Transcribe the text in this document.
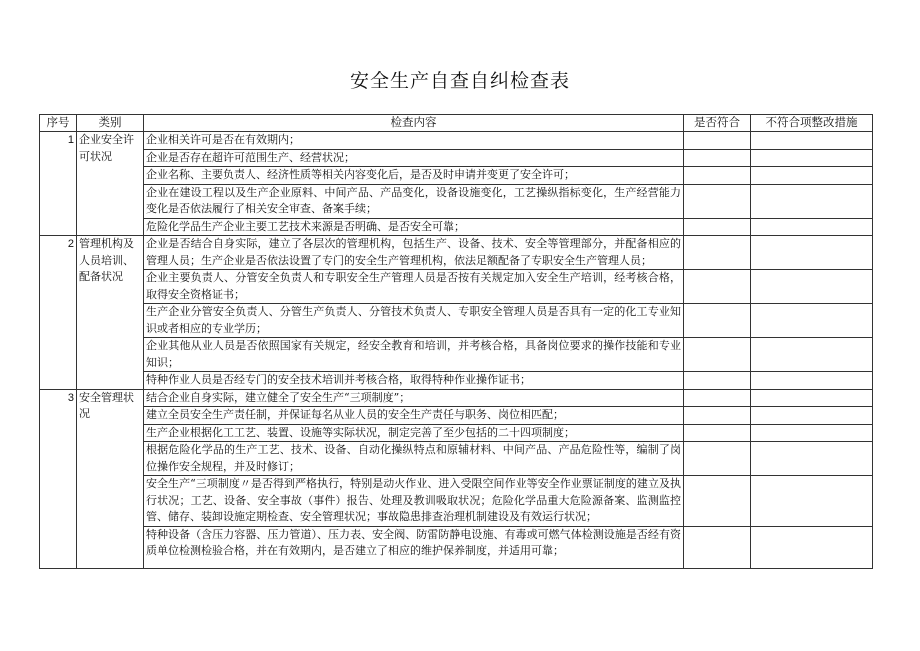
安全生产自查自纠检查表
序号	类别	检查内容	是否符合	不符合项整改措施
1	企业安全许可状况	企业相关许可是否在有效期内；		
		企业是否存在超许可范围生产、经营状况；		
		企业名称、主要负责人、经济性质等相关内容变化后，是否及时申请并变更了安全许可；		
		企业在建设工程以及生产企业原料、中间产品、产品变化，设备设施变化，工艺操纵指标变化，生产经营能力变化是否依法履行了相关安全审查、备案手续；		
		危险化学品生产企业主要工艺技术来源是否明确、是否安全可靠；		
2	管理机构及人员培训、配备状况	企业是否结合自身实际，建立了各层次的管理机构，包括生产、设备、技术、安全等管理部分，并配备相应的管理人员；生产企业是否依法设置了专门的安全生产管理机构，依法足额配备了专职安全生产管理人员；		
		企业主要负责人、分管安全负责人和专职安全生产管理人员是否按有关规定加入安全生产培训，经考核合格，取得安全资格证书；		
		生产企业分管安全负责人、分管生产负责人、分管技术负责人、专职安全管理人员是否具有一定的化工专业知识或者相应的专业学历；		
		企业其他从业人员是否依照国家有关规定，经安全教育和培训，并考核合格，具备岗位要求的操作技能和专业知识；		
		特种作业人员是否经专门的安全技术培训并考核合格，取得特种作业操作证书；		
3	安全管理状况	结合企业自身实际，建立健全了安全生产“三项制度”；		
		建立全员安全生产责任制，并保证每名从业人员的安全生产责任与职务、岗位相匹配；		
		生产企业根据化工工艺、装置、设施等实际状况，制定完善了至少包括的二十四项制度；		
		根据危险化学品的生产工艺、技术、设备、自动化操纵特点和原辅材料、中间产品、产品危险性等，编制了岗位操作安全规程，并及时修订；		
		安全生产“三项制度〃是否得到严格执行，特别是动火作业、进入受限空间作业等安全作业票证制度的建立及执行状况；工艺、设备、安全事故（事件）报告、处理及教训吸取状况；危险化学品重大危险源备案、监测监控管、储存、装卸设施定期检查、安全管理状况；事故隐患排查治理机制建设及有效运行状况；		
		特种设备（含压力容器、压力管道）、压力表、安全阀、防雷防静电设施、有毒或可燃气体检测设施是否经有资质单位检测检验合格，并在有效期内，是否建立了相应的维护保养制度，并适用可靠；		
